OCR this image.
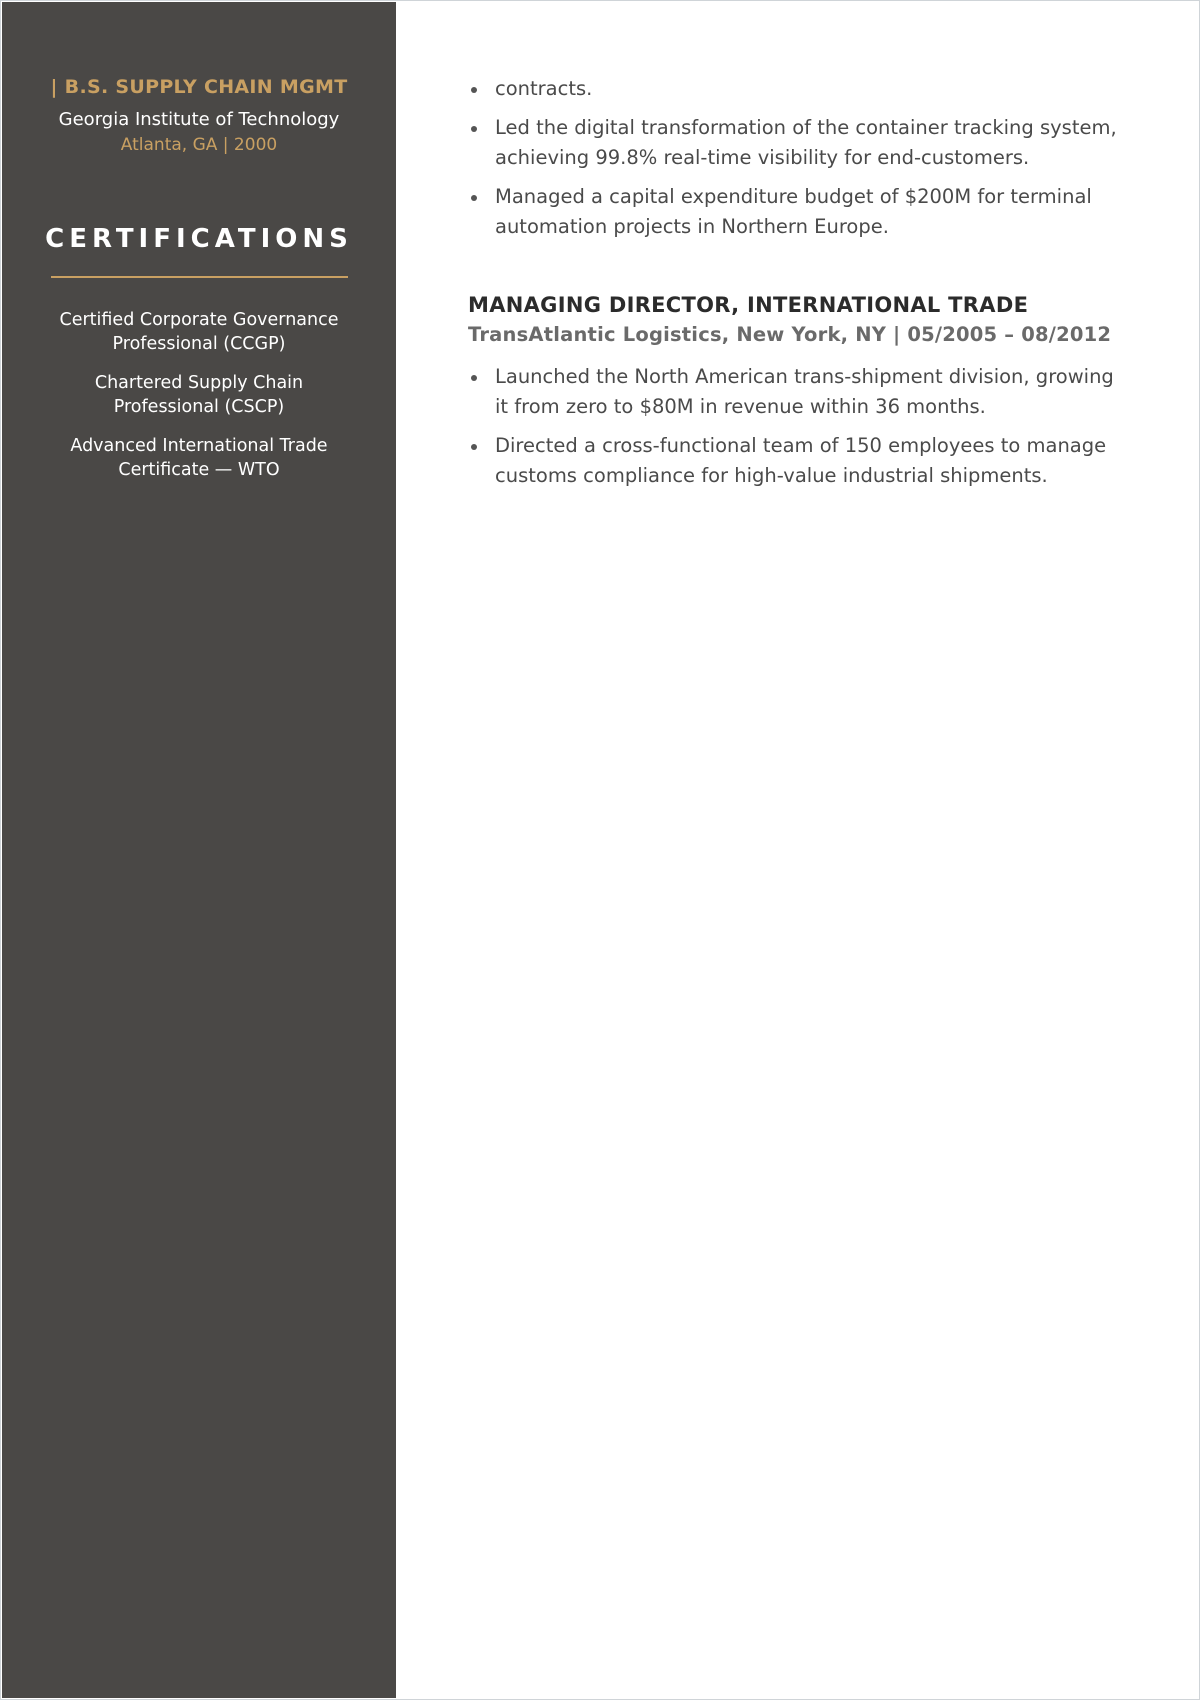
| B.S. SUPPLY CHAIN MGMT
Georgia Institute of Technology
Atlanta, GA | 2000
CERTIFICATIONS
Certified Corporate Governance Professional (CCGP)
Chartered Supply Chain Professional (CSCP)
Advanced International Trade Certificate — WTO
contracts.
Led the digital transformation of the container tracking system, achieving 99.8% real-time visibility for end-customers.
Managed a capital expenditure budget of $200M for terminal automation projects in Northern Europe.
MANAGING DIRECTOR, INTERNATIONAL TRADE
TransAtlantic Logistics, New York, NY | 05/2005 – 08/2012
Launched the North American trans-shipment division, growing it from zero to $80M in revenue within 36 months.
Directed a cross-functional team of 150 employees to manage customs compliance for high-value industrial shipments.
